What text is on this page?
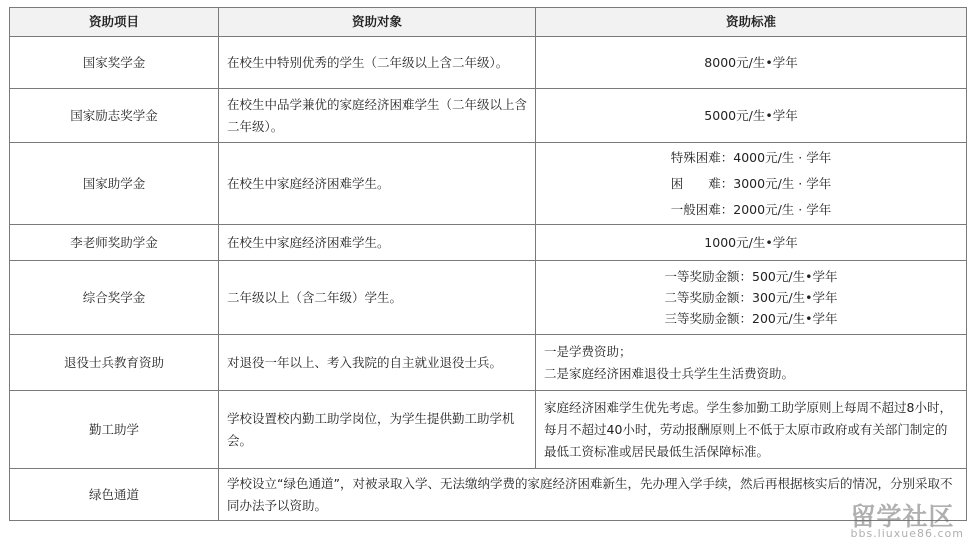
资助项目	资助对象	资助标准
国家奖学金	在校生中特别优秀的学生（二年级以上含二年级）。	8000元/生•学年

国家励志奖学金	在校生中品学兼优的家庭经济困难学生（二年级以上含二年级）。	5000元/生•学年

国家助学金	在校生中家庭经济困难学生。	特殊困难：4000元/生 · 学年
困　　难：3000元/生 · 学年
一般困难：2000元/生 · 学年

李老师奖助学金	在校生中家庭经济困难学生。	1000元/生•学年

综合奖学金	二年级以上（含二年级）学生。	一等奖励金额：500元/生•学年
二等奖励金额：300元/生•学年
三等奖励金额：200元/生•学年

退役士兵教育资助	对退役一年以上、考入我院的自主就业退役士兵。	一是学费资助；
二是家庭经济困难退役士兵学生生活费资助。

勤工助学	学校设置校内勤工助学岗位，为学生提供勤工助学机会。	家庭经济困难学生优先考虑。学生参加勤工助学原则上每周不超过8小时，每月不超过40小时，劳动报酬原则上不低于太原市政府或有关部门制定的最低工资标准或居民最低生活保障标准。
绿色通道	学校设立“绿色通道”，对被录取入学、无法缴纳学费的家庭经济困难新生，先办理入学手续，然后再根据核实后的情况，分别采取不同办法予以资助。		留学社区
bbs.liuxue86.com
